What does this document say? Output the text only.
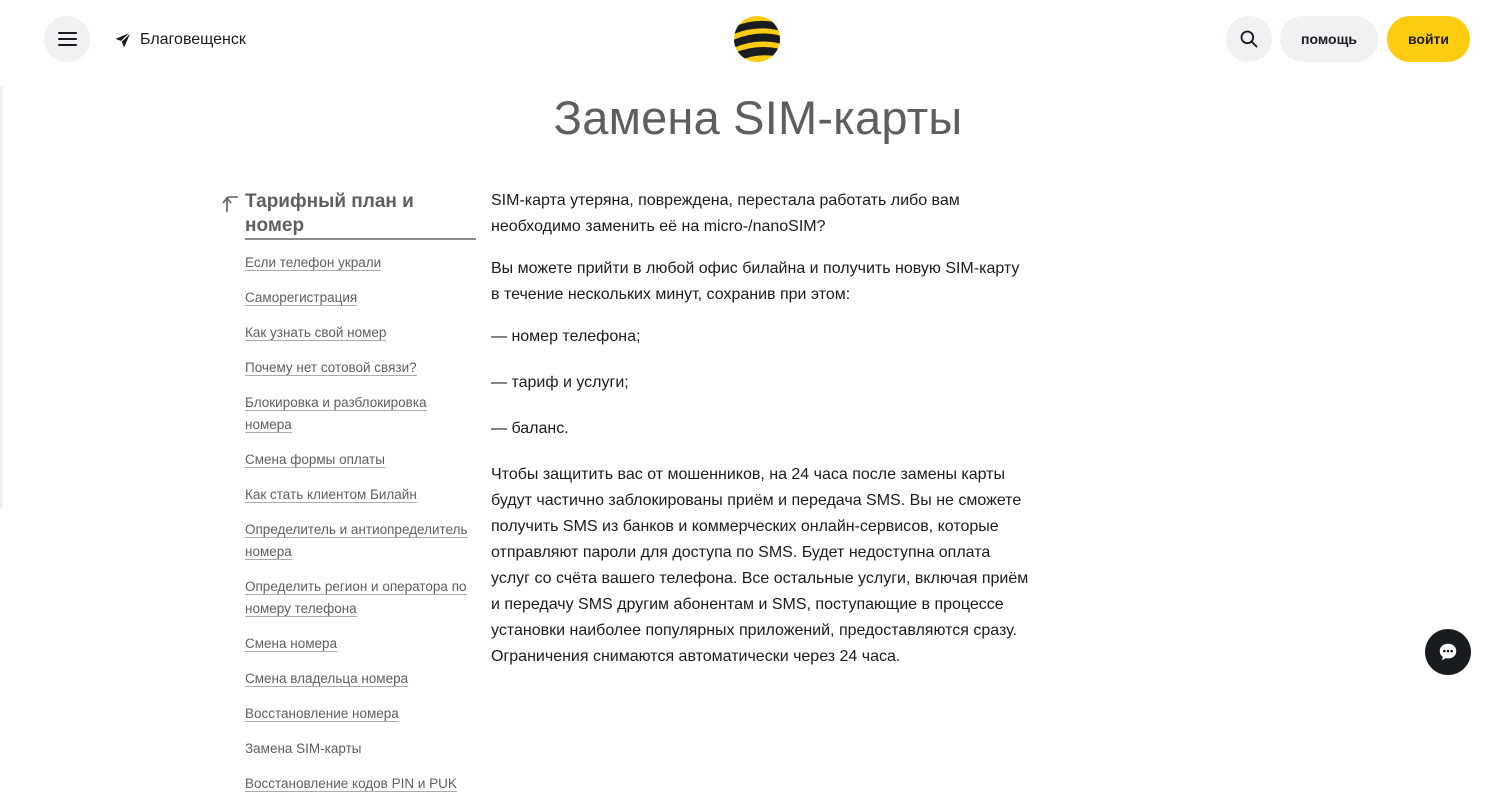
Благовещенск	помощь	войти
Замена SIM-карты
Тарифный план и номер
Если телефон украли
Саморегистрация
Как узнать свой номер
Почему нет сотовой связи?
Блокировка и разблокировка номера
Смена формы оплаты
Как стать клиентом Билайн
Определитель и антиопределитель номера
Определить регион и оператора по номеру телефона
Смена номера
Смена владельца номера
Восстановление номера
Замена SIM-карты
Восстановление кодов PIN и PUK

SIM-карта утеряна, повреждена, перестала работать либо вам необходимо заменить её на micro-/nanoSIM?

Вы можете прийти в любой офис билайна и получить новую SIM-карту в течение нескольких минут, сохранив при этом:

— номер телефона;

— тариф и услуги;

— баланс.

Чтобы защитить вас от мошенников, на 24 часа после замены карты будут частично заблокированы приём и передача SMS. Вы не сможете получить SMS из банков и коммерческих онлайн-сервисов, которые отправляют пароли для доступа по SMS. Будет недоступна оплата услуг со счёта вашего телефона. Все остальные услуги, включая приём и передачу SMS другим абонентам и SMS, поступающие в процессе установки наиболее популярных приложений, предоставляются сразу. Ограничения снимаются автоматически через 24 часа.
